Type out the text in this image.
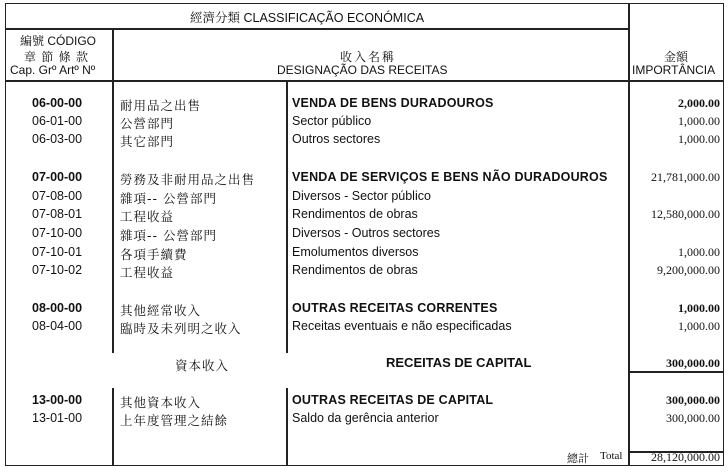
經濟分類 CLASSIFICAÇÃO ECONÓMICA
編號 CÓDIGO
章 節 條 款
Cap. Grº Artº Nº
收入名稱
DESIGNAÇÃO DAS RECEITAS
金額
IMPORTÂNCIA
06-00-00	耐用品之出售	VENDA DE BENS DURADOUROS	2,000.00
06-01-00	公營部門	Sector público	1,000.00
06-03-00	其它部門	Outros sectores	1,000.00
07-00-00	勞務及非耐用品之出售	VENDA DE SERVIÇOS E BENS NÃO DURADOUROS	21,781,000.00
07-08-00	雜項-- 公營部門	Diversos - Sector público
07-08-01	工程收益	Rendimentos de obras	12,580,000.00
07-10-00	雜項-- 公營部門	Diversos - Outros sectores
07-10-01	各項手續費	Emolumentos diversos	1,000.00
07-10-02	工程收益	Rendimentos de obras	9,200,000.00
08-00-00	其他經常收入	OUTRAS RECEITAS CORRENTES	1,000.00
08-04-00	臨時及未列明之收入	Receitas eventuais e não especificadas	1,000.00
資本收入	RECEITAS DE CAPITAL	300,000.00
13-00-00	其他資本收入	OUTRAS RECEITAS DE CAPITAL	300,000.00
13-01-00	上年度管理之結餘	Saldo da gerência anterior	300,000.00
總計 Total 28,120,000.00
